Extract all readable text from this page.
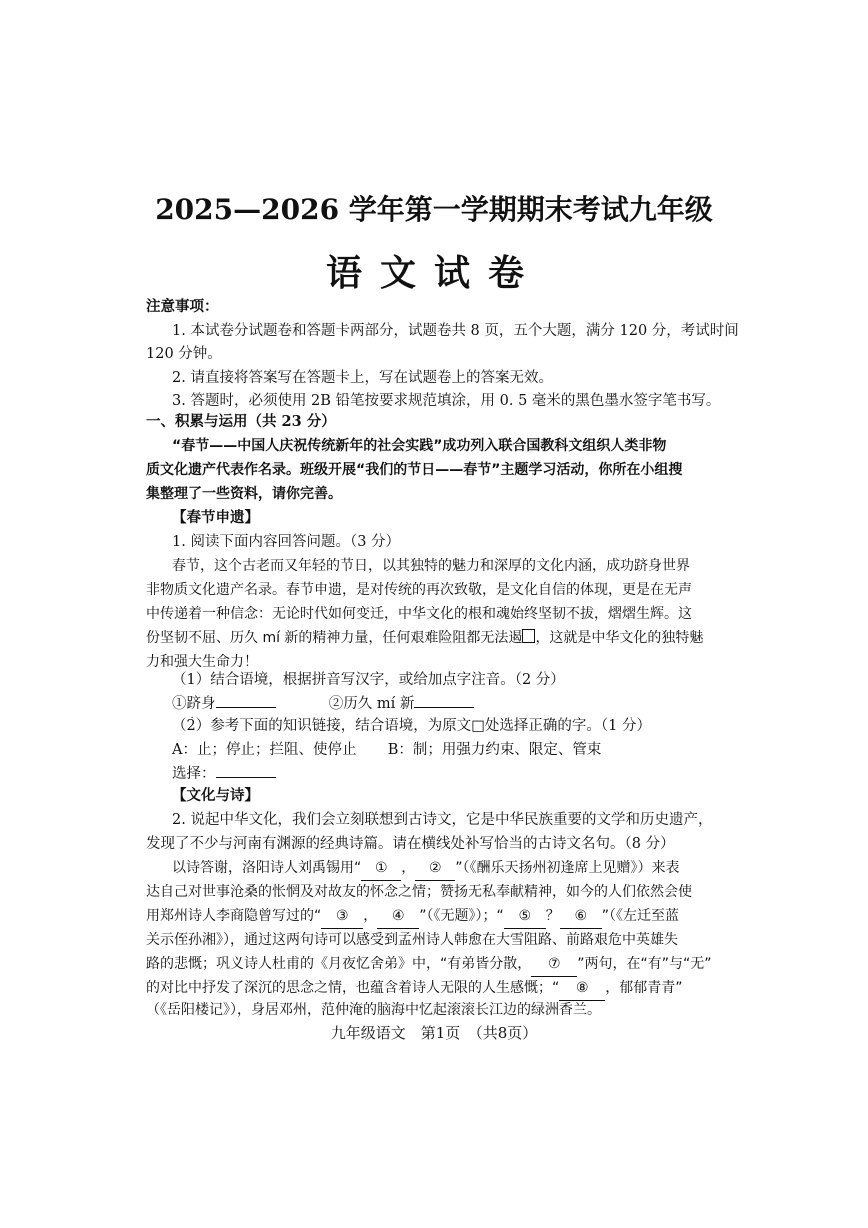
2025—2026 学年第一学期期末考试九年级
语文试卷
注意事项：
1. 本试卷分试题卷和答题卡两部分，试题卷共 8 页，五个大题，满分 120 分，考试时间
120 分钟。
2. 请直接将答案写在答题卡上，写在试题卷上的答案无效。
3. 答题时，必须使用 2B 铅笔按要求规范填涂，用 0. 5 毫米的黑色墨水签字笔书写。
一、积累与运用（共 23 分）
“春节——中国人庆祝传统新年的社会实践”成功列入联合国教科文组织人类非物
质文化遗产代表作名录。班级开展“我们的节日——春节”主题学习活动，你所在小组搜
集整理了一些资料，请你完善。
【春节申遗】
1. 阅读下面内容回答问题。（3 分）
春节，这个古老而又年轻的节日，以其独特的魅力和深厚的文化内涵，成功跻身世界
非物质文化遗产名录。春节申遗，是对传统的再次致敬，是文化自信的体现，更是在无声
中传递着一种信念：无论时代如何变迁，中华文化的根和魂始终坚韧不拔，熠熠生辉。这
份坚韧不屈、历久 mí 新的精神力量，任何艰难险阻都无法遏 ，这就是中华文化的独特魅
力和强大生命力！
（1）结合语境，根据拼音写汉字，或给加点字注音。（2 分）
①跻身	②历久 mí 新
（2）参考下面的知识链接，结合语境，为原文□处选择正确的字。（1 分）
A：止；停止；拦阻、使停止 B：制；用强力约束、限定、管束
选择：
【文化与诗】
2. 说起中华文化，我们会立刻联想到古诗文，它是中华民族重要的文学和历史遗产，
发现了不少与河南有渊源的经典诗篇。请在横线处补写恰当的古诗文名句。（8 分）
以诗答谢，洛阳诗人刘禹锡用“ ① ， ② ”（《酬乐天扬州初逢席上见赠》）来表
达自己对世事沧桑的怅惘及对故友的怀念之情；赞扬无私奉献精神，如今的人们依然会使
用郑州诗人李商隐曾写过的“ ③ ， ④ ”（《无题》）；“ ⑤ ？ ⑥ ”（《左迁至蓝
关示侄孙湘》），通过这两句诗可以感受到孟州诗人韩愈在大雪阻路、前路艰危中英雄失
路的悲慨；巩义诗人杜甫的《月夜忆舍弟》中，“有弟皆分散， ⑦ ”两句，在“有”与“无”
的对比中抒发了深沉的思念之情，也蕴含着诗人无限的人生感慨；“ ⑧ ，郁郁青青”
（《岳阳楼记》），身居邓州，范仲淹的脑海中忆起滚滚长江边的绿洲香兰。
九年级语文　第1页　（共8页）
